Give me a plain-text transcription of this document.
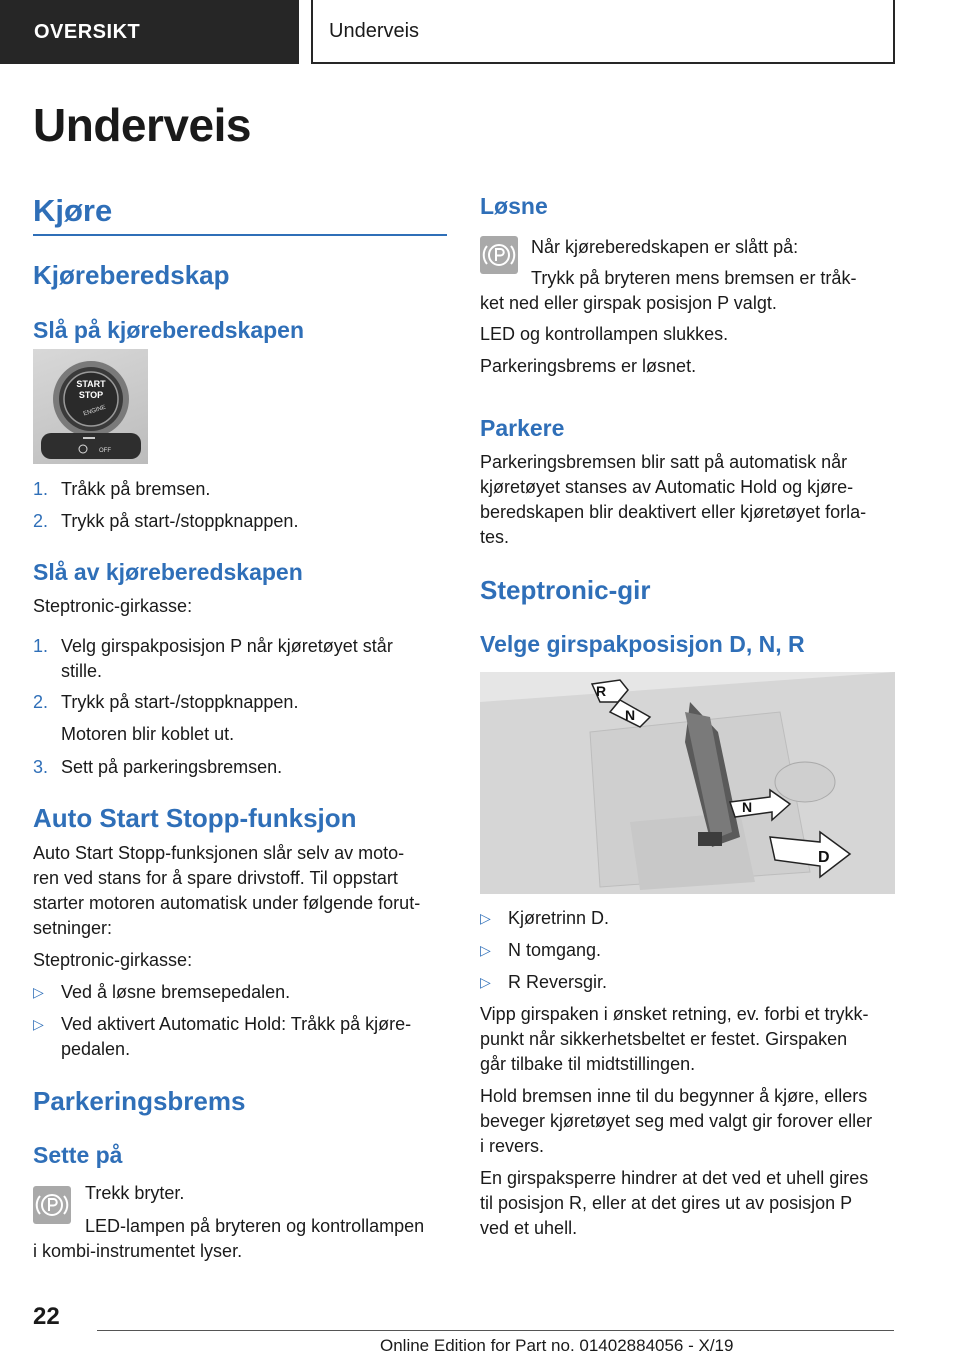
OVERSIKT	Underveis
Underveis
Kjøre
Kjøreberedskap
Slå på kjøreberedskapen
START
STOP
ENGINE
OFF
1. Tråkk på bremsen.
2. Trykk på start-/stoppknappen.
Slå av kjøreberedskapen

Steptronic-girkasse:

1. Velg girspakposisjon P når kjøretøyet står
stille.
2. Trykk på start-/stoppknappen.
Motoren blir koblet ut.
3. Sett på parkeringsbremsen.
Auto Start Stopp-funksjon

Auto Start Stopp-funksjonen slår selv av moto-

ren ved stans for å spare drivstoff. Til oppstart

starter motoren automatisk under følgende forut-

setninger:

Steptronic-girkasse:

▷ Ved å løsne bremsepedalen.
▷ Ved aktivert Automatic Hold: Tråkk på kjøre-
pedalen.
Parkeringsbrems
Sette på

Trekk bryter.

LED-lampen på bryteren og kontrollampen

i kombi-instrumentet lyser.

Løsne

Når kjøreberedskapen er slått på:

Trykk på bryteren mens bremsen er tråk-

ket ned eller girspak posisjon P valgt.

LED og kontrollampen slukkes.

Parkeringsbrems er løsnet.

Parkere

Parkeringsbremsen blir satt på automatisk når

kjøretøyet stanses av Automatic Hold og kjøre-

beredskapen blir deaktivert eller kjøretøyet forla-

tes.

Steptronic-gir
Velge girspakposisjon D, N, R
R
N
N
D
▷ Kjøretrinn D.
▷ N tomgang.
▷ R Reversgir.

Vipp girspaken i ønsket retning, ev. forbi et trykk-

punkt når sikkerhetsbeltet er festet. Girspaken

går tilbake til midtstillingen.

Hold bremsen inne til du begynner å kjøre, ellers

beveger kjøretøyet seg med valgt gir forover eller

i revers.

En girspaksperre hindrer at det ved et uhell gires

til posisjon R, eller at det gires ut av posisjon P

ved et uhell.

22
Online Edition for Part no. 01402884056 - X/19
